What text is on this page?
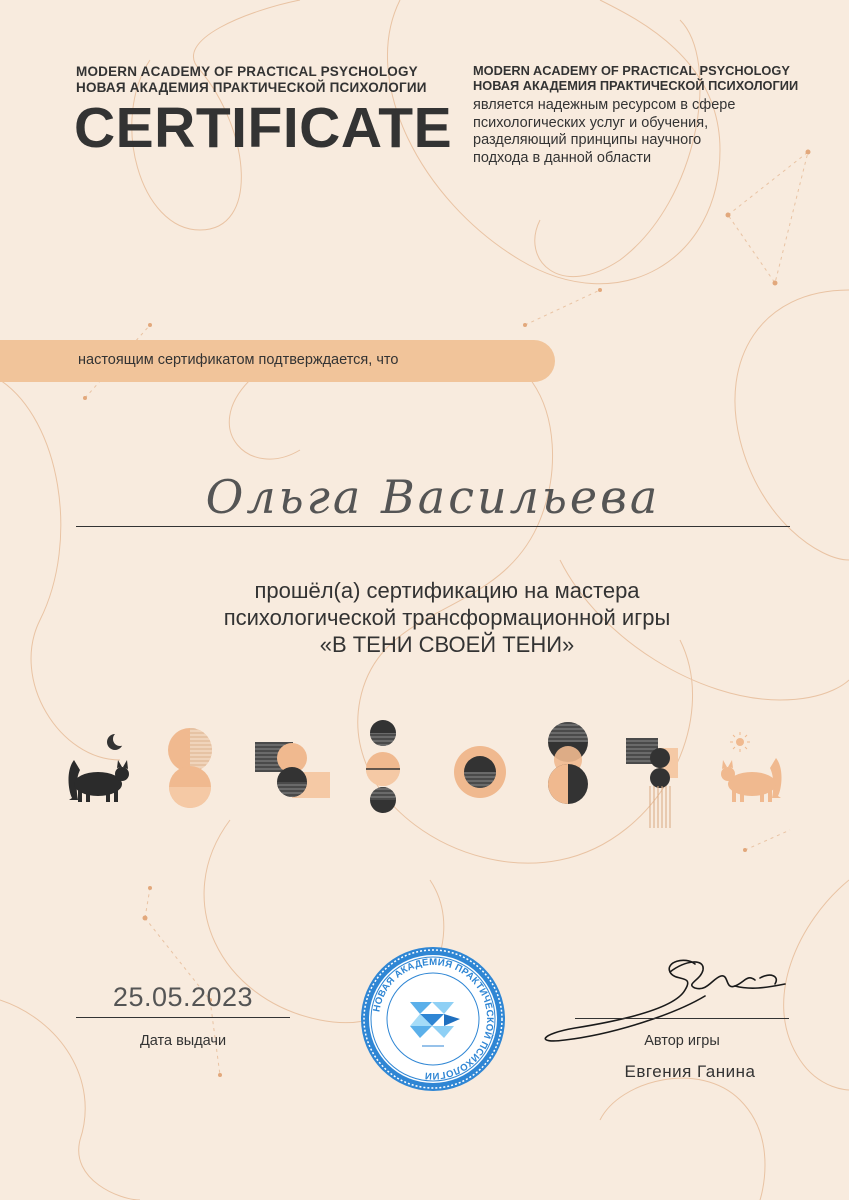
MODERN ACADEMY OF PRACTICAL PSYCHOLOGY
НОВАЯ АКАДЕМИЯ ПРАКТИЧЕСКОЙ ПСИХОЛОГИИ
CERTIFICATE
MODERN ACADEMY OF PRACTICAL PSYCHOLOGY
НОВАЯ АКАДЕМИЯ ПРАКТИЧЕСКОЙ ПСИХОЛОГИИ
является надежным ресурсом в сфере
психологических услуг и обучения,
разделяющий принципы научного
подхода в данной области
настоящим сертификатом подтверждается, что
Ольга Васильева
прошёл(а) сертификацию на мастера
психологической трансформационной игры
«В ТЕНИ СВОЕЙ ТЕНИ»
25.05.2023
Дата выдачи
НОВАЯ АКАДЕМИЯ ПРАКТИЧЕСКОЙ ПСИХОЛОГИИ
Автор игры
Евгения Ганина
